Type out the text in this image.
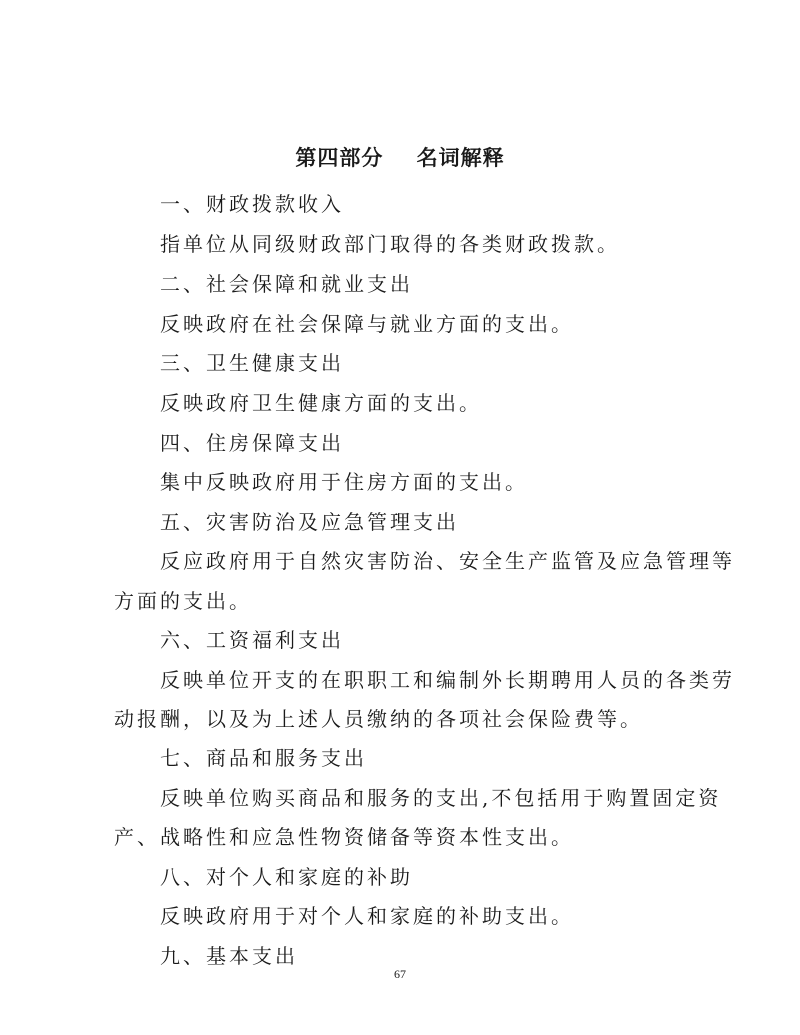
第四部分    名词解释
一、财政拨款收入
指单位从同级财政部门取得的各类财政拨款。
二、社会保障和就业支出
反映政府在社会保障与就业方面的支出。
三、卫生健康支出
反映政府卫生健康方面的支出。
四、住房保障支出
集中反映政府用于住房方面的支出。
五、灾害防治及应急管理支出
反应政府用于自然灾害防治、安全生产监管及应急管理等
方面的支出。
六、工资福利支出
反映单位开支的在职职工和编制外长期聘用人员的各类劳
动报酬，以及为上述人员缴纳的各项社会保险费等。
七、商品和服务支出
反映单位购买商品和服务的支出,不包括用于购置固定资
产、战略性和应急性物资储备等资本性支出。
八、对个人和家庭的补助
反映政府用于对个人和家庭的补助支出。
九、基本支出
67
